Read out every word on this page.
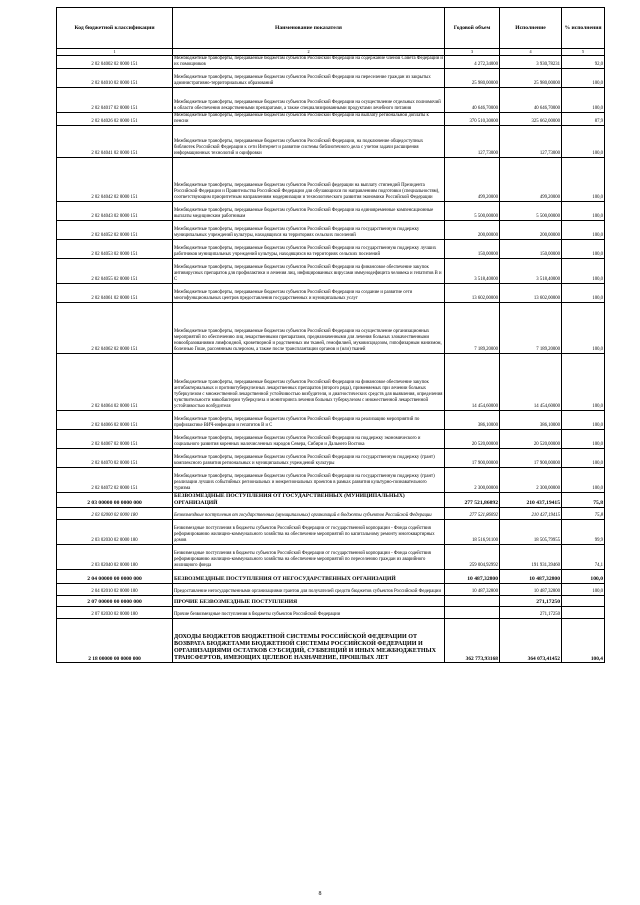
Код бюджетной классификации	Наименование показателя	Годовой объем	Исполнение	% исполнения
1	2	3	4	5
2 02 04002 02 0000 151	Межбюджетные трансферты, передаваемые бюджетам субъектов Российской Федерации на содержание членов Совета Федерации и их помощников	4 272,34000	3 930,78231	92,0
2 02 04010 02 0000 151	Межбюджетные трансферты, передаваемые бюджетам субъектов Российской Федерации на переселение граждан из закрытых административно-территориальных образований	25 980,00000	25 980,00000	100,0
2 02 04017 02 0000 151	Межбюджетные трансферты, передаваемые бюджетам субъектов Российской Федерации на осуществление отдельных полномочий в области обеспечения лекарственными препаратами, а также специализированными продуктами лечебного питания	40 646,70000	40 646,70000	100,0
2 02 04026 02 0000 151	Межбюджетные трансферты, передаваемые бюджетам субъектов Российской Федерации на выплату региональной доплаты к пенсии	370 510,30000	325 662,00000	87,9
2 02 04041 02 0000 151	Межбюджетные трансферты, передаваемые бюджетам субъектов Российской Федерации, на подключение общедоступных библиотек Российской Федерации к сети Интернет и развитие системы библиотечного дела с учетом задачи расширения информационных технологий и оцифровки	127,73000	127,73000	100,0
2 02 04042 02 0000 151	Межбюджетные трансферты, передаваемые бюджетам субъектов Российской федерации на выплату стипендий Президента Российской Федерации и Правительства Российской Федерации для обучающихся по направлениям подготовки (специальностям), соответствующим приоритетным направлениям модернизации и технологического развития экономики Российской Федерации	499,20000	499,20000	100,0
2 02 04043 02 0000 151	Межбюджетные трансферты, передаваемые бюджетам субъектов Российской Федерации на единовременные компенсационные выплаты медицинским работникам	5 500,00000	5 500,00000	100,0
2 02 04052 02 0000 151	Межбюджетные трансферты, передаваемые бюджетам субъектов Российской Федерации на государственную поддержку муниципальных учреждений культуры, находящихся на территориях сельских поселений	200,00000	200,00000	100,0
2 02 04053 02 0000 151	Межбюджетные трансферты, передаваемые бюджетам субъектов Российской Федерации на государственную поддержку лучших работников муниципальных учреждений культуры, находящихся на территориях сельских поселений	150,00000	150,00000	100,0
2 02 04055 02 0000 151	Межбюджетные трансферты, передаваемые бюджетам субъектов Российской Федерации на финансовое обеспечение закупок антивирусных препаратов для профилактики и лечения лиц, инфицированных вирусами иммунодефицита человека и гепатитов B и C	3 518,40000	3 518,40000	100,0
2 02 04061 02 0000 151	Межбюджетные трансферты, передаваемые бюджетам субъектов Российской Федерации на создание и развитие сети многофункциональных центров предоставления государственных и муниципальных услуг	13 602,00000	13 602,00000	100,0
2 02 04062 02 0000 151	Межбюджетные трансферты, передаваемые бюджетам субъектов Российской Федерации на осуществление организационных мероприятий по обеспечению лиц лекарственными препаратами, предназначенными для лечения больных злокачественными новообразованиями лимфоидной, кроветворной и родственных им тканей, гемофилией, муковисцидозом, гипофизарным нанизмом, болезнью Гоше, рассеянным склерозом, а также после трансплантации органов и (или) тканей	7 189,20000	7 189,20000	100,0
2 02 04064 02 0000 151	Межбюджетные трансферты, передаваемые бюджетам субъектов Российской Федерации на финансовое обеспечение закупок антибактериальных и противотуберкулезных лекарственных препаратов (второго ряда), применяемых при лечении больных туберкулезом с множественной лекарственной устойчивостью возбудителя, и диагностических средств для выявления, определения чувствительности микобактерии туберкулеза и мониторинга лечения больных туберкулезом с множественной лекарственной устойчивостью возбудителя	14 454,60000	14 454,60000	100,0
2 02 04066 02 0000 151	Межбюджетные трансферты, передаваемые бюджетам субъектов Российской Федерации на реализацию мероприятий по профилактике ВИЧ-инфекции и гепатитов B и C	386,10000	386,10000	100,0
2 02 04067 02 0000 151	Межбюджетные трансферты, передаваемые бюджетам субъектов Российской Федерации на поддержку экономического и социального развития коренных малочисленных народов Севера, Сибири и Дальнего Востока	20 520,00000	20 520,00000	100,0
2 02 04070 02 0000 151	Межбюджетные трансферты, передаваемые бюджетам субъектов Российской Федерации на государственную поддержку (грант) комплексного развития региональных и муниципальных учреждений культуры	17 900,00000	17 900,00000	100,0
2 02 04072 02 0000 151	Межбюджетные трансферты, передаваемые бюджетам субъектов Российской Федерации на государственную поддержку (грант) реализации лучших событийных региональных и межрегиональных проектов в рамках развития культурно-познавательного туризма	2 300,00000	2 300,00000	100,0
2 03 00000 00 0000 000	БЕЗВОЗМЕЗДНЫЕ ПОСТУПЛЕНИЯ ОТ ГОСУДАРСТВЕННЫХ (МУНИЦИПАЛЬНЫХ) ОРГАНИЗАЦИЙ	277 521,86092	210 437,19415	75,8
2 03 02000 02 0000 180	Безвозмездные поступления от государственных (муниципальных) организаций в бюджеты субъектов Российской Федерации	277 521,86092	210 437,19415	75,8
2 03 02030 02 0000 180	Безвозмездные поступления в бюджеты субъектов Российской Федерации от государственной корпорации - Фонда содействия реформированию жилищно-коммунального хозяйства на обеспечение мероприятий по капитальному ремонту многоквартирных домов	18 516,91100	18 505,79955	99,9
2 03 02040 02 0000 180	Безвозмездные поступления в бюджеты субъектов Российской Федерации от государственной корпорации - Фонда содействия реформированию жилищно-коммунального хозяйства на обеспечение мероприятий по переселению граждан из аварийного жилищного фонда	259 004,92992	191 931,39460	74,1
2 04 00000 00 0000 000	БЕЗВОЗМЕЗДНЫЕ ПОСТУПЛЕНИЯ ОТ НЕГОСУДАРСТВЕННЫХ ОРГАНИЗАЦИЙ	10 487,32800	10 487,32800	100,0
2 04 02010 02 0000 180	Предоставление негосударственными организациями грантов для получателей средств бюджетов субъектов Российской Федерации	10 487,32800	10 487,32800	100,0
2 07 00000 00 0000 000	ПРОЧИЕ БЕЗВОЗМЕЗДНЫЕ ПОСТУПЛЕНИЯ		271,17250	
2 07 02030 02 0000 180	Прочие безвозмездные поступления в бюджеты субъектов Российской Федерации		271,17250	
2 18 00000 00 0000 000	ДОХОДЫ БЮДЖЕТОВ БЮДЖЕТНОЙ СИСТЕМЫ РОССИЙСКОЙ ФЕДЕРАЦИИ ОТ ВОЗВРАТА БЮДЖЕТАМИ БЮДЖЕТНОЙ СИСТЕМЫ РОССИЙСКОЙ ФЕДЕРАЦИИ И ОРГАНИЗАЦИЯМИ ОСТАТКОВ СУБСИДИЙ, СУБВЕНЦИЙ И ИНЫХ МЕЖБЮДЖЕТНЫХ ТРАНСФЕРТОВ, ИМЕЮЩИХ ЦЕЛЕВОЕ НАЗНАЧЕНИЕ, ПРОШЛЫХ ЛЕТ	362 773,93168	364 073,41452	100,4
8
